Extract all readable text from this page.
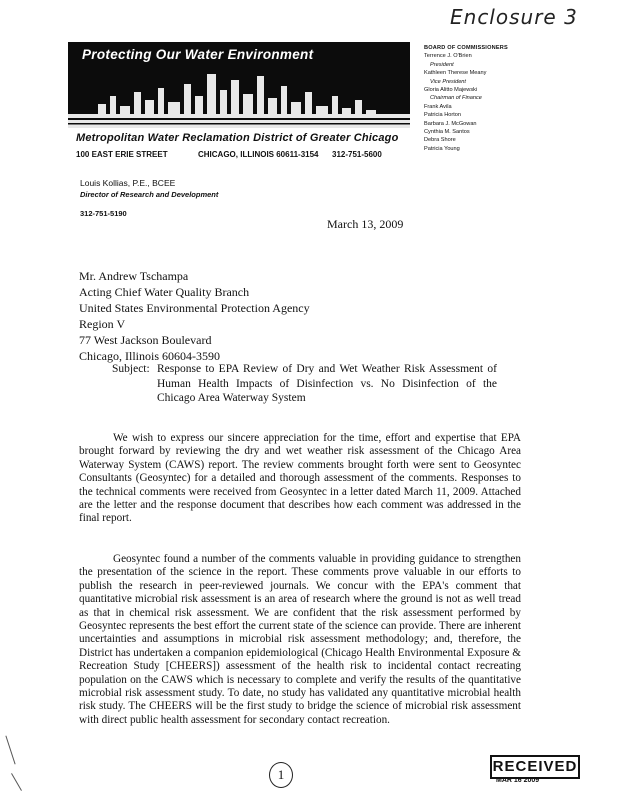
Enclosure 3
Protecting Our Water Environment
Metropolitan Water Reclamation District of Greater Chicago
100 EAST ERIE STREET	CHICAGO, ILLINOIS 60611-3154 312-751-5600
BOARD OF COMMISSIONERS
Terrence J. O'Brien
President
Kathleen Therese Meany
Vice President
Gloria Alitto Majewski
Chairman of Finance
Frank Avila
Patricia Horton
Barbara J. McGowan
Cynthia M. Santos
Debra Shore
Patricia Young
Louis Kollias, P.E., BCEE
Director of Research and Development
312-751-5190
March 13, 2009
Mr. Andrew Tschampa
Acting Chief Water Quality Branch
United States Environmental Protection Agency
Region V
77 West Jackson Boulevard
Chicago, Illinois 60604-3590
Subject: Response to EPA Review of Dry and Wet Weather Risk Assessment of Human Health Impacts of Disinfection vs. No Disinfection of the Chicago Area Waterway System

We wish to express our sincere appreciation for the time, effort and expertise that EPA brought forward by reviewing the dry and wet weather risk assessment of the Chicago Area Waterway System (CAWS) report. The review comments brought forth were sent to Geosyntec Consultants (Geosyntec) for a detailed and thorough assessment of the comments. Responses to the technical comments were received from Geosyntec in a letter dated March 11, 2009. Attached are the letter and the response document that describes how each comment was addressed in the final report.

Geosyntec found a number of the comments valuable in providing guidance to strengthen the presentation of the science in the report. These comments prove valuable in our efforts to publish the research in peer-reviewed journals. We concur with the EPA's comment that quantitative microbial risk assessment is an area of research where the ground is not as well tread as that in chemical risk assessment. We are confident that the risk assessment performed by Geosyntec represents the best effort the current state of the science can provide. There are inherent uncertainties and assumptions in microbial risk assessment methodology; and, therefore, the District has undertaken a companion epidemiological (Chicago Health Environmental Exposure & Recreation Study [CHEERS]) assessment of the health risk to incidental contact recreating population on the CAWS which is necessary to complete and verify the results of the quantitative microbial risk assessment study. To date, no study has validated any quantitative microbial health risk study. The CHEERS will be the first study to bridge the science of microbial risk assessment with direct public health assessment for secondary contact recreation.

1	RECEIVED
MAR 16 2009
